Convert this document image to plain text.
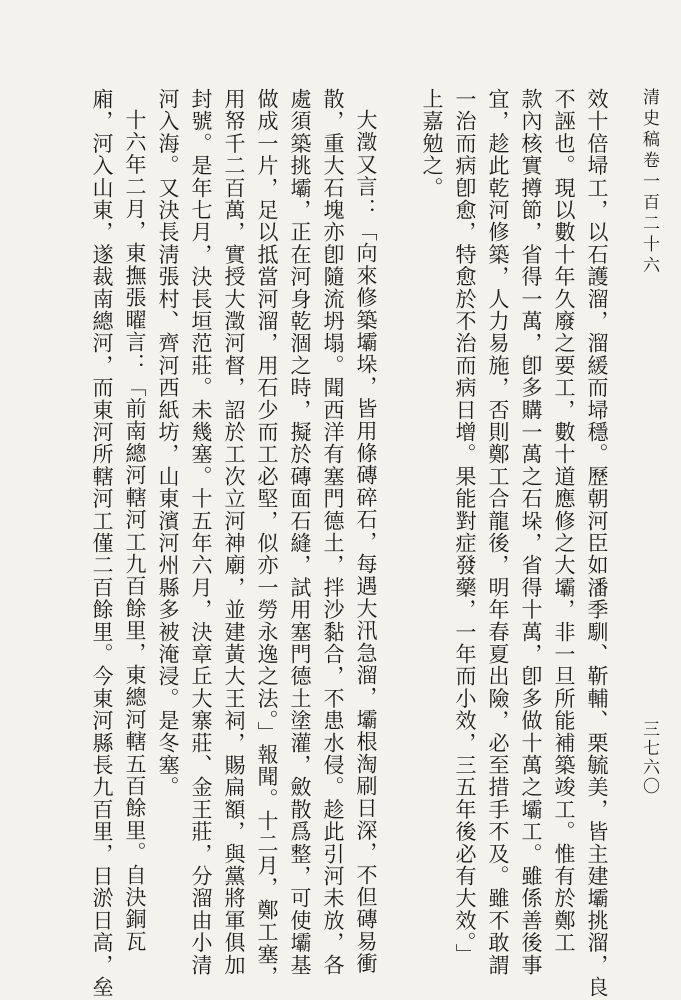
清史稿卷一百二十六
三七六〇
效十倍埽工，以石護溜，溜緩而埽穩。歷朝河臣如潘季馴、靳輔、栗毓美，皆主建壩挑溜，良
不誣也。現以數十年久廢之要工，數十道應修之大壩，非一旦所能補築竣工。惟有於鄭工
款內核實撙節，省得一萬，卽多購一萬之石垛，省得十萬，卽多做十萬之壩工。雖係善後事
宜，趁此乾河修築，人力易施，否則鄭工合龍後，明年春夏出險，必至措手不及。雖不敢謂
一治而病卽愈，特愈於不治而病日增。果能對症發藥，一年而小效，三五年後必有大效。」
上嘉勉之。
大澂又言：「向來修築壩垛，皆用條磚碎石，每遇大汛急溜，壩根淘刷日深，不但磚易衝
散，重大石塊亦卽隨流坍塌。聞西洋有塞門德土，拌沙黏合，不患水侵。趁此引河未放，各
處須築挑壩，正在河身乾涸之時，擬於磚面石縫，試用塞門德土塗灌，斂散爲整，可使壩基
做成一片，足以抵當河溜，用石少而工必堅，似亦一勞永逸之法。」報聞。十二月，鄭工塞，
用帑千二百萬，實授大澂河督，詔於工次立河神廟，並建黃大王祠，賜扁額，與黨將軍俱加
封號。是年七月，決長垣范莊。未幾塞。十五年六月，決章丘大寨莊、金王莊，分溜由小清
河入海。又決長淸張村、齊河西紙坊，山東濱河州縣多被淹浸。是冬塞。
十六年二月，東撫張曜言：「前南總河轄河工九百餘里，東總河轄五百餘里。自決銅瓦
廂，河入山東，遂裁南總河，而東河所轄河工僅二百餘里。今東河縣長九百里，日淤日高，垒
